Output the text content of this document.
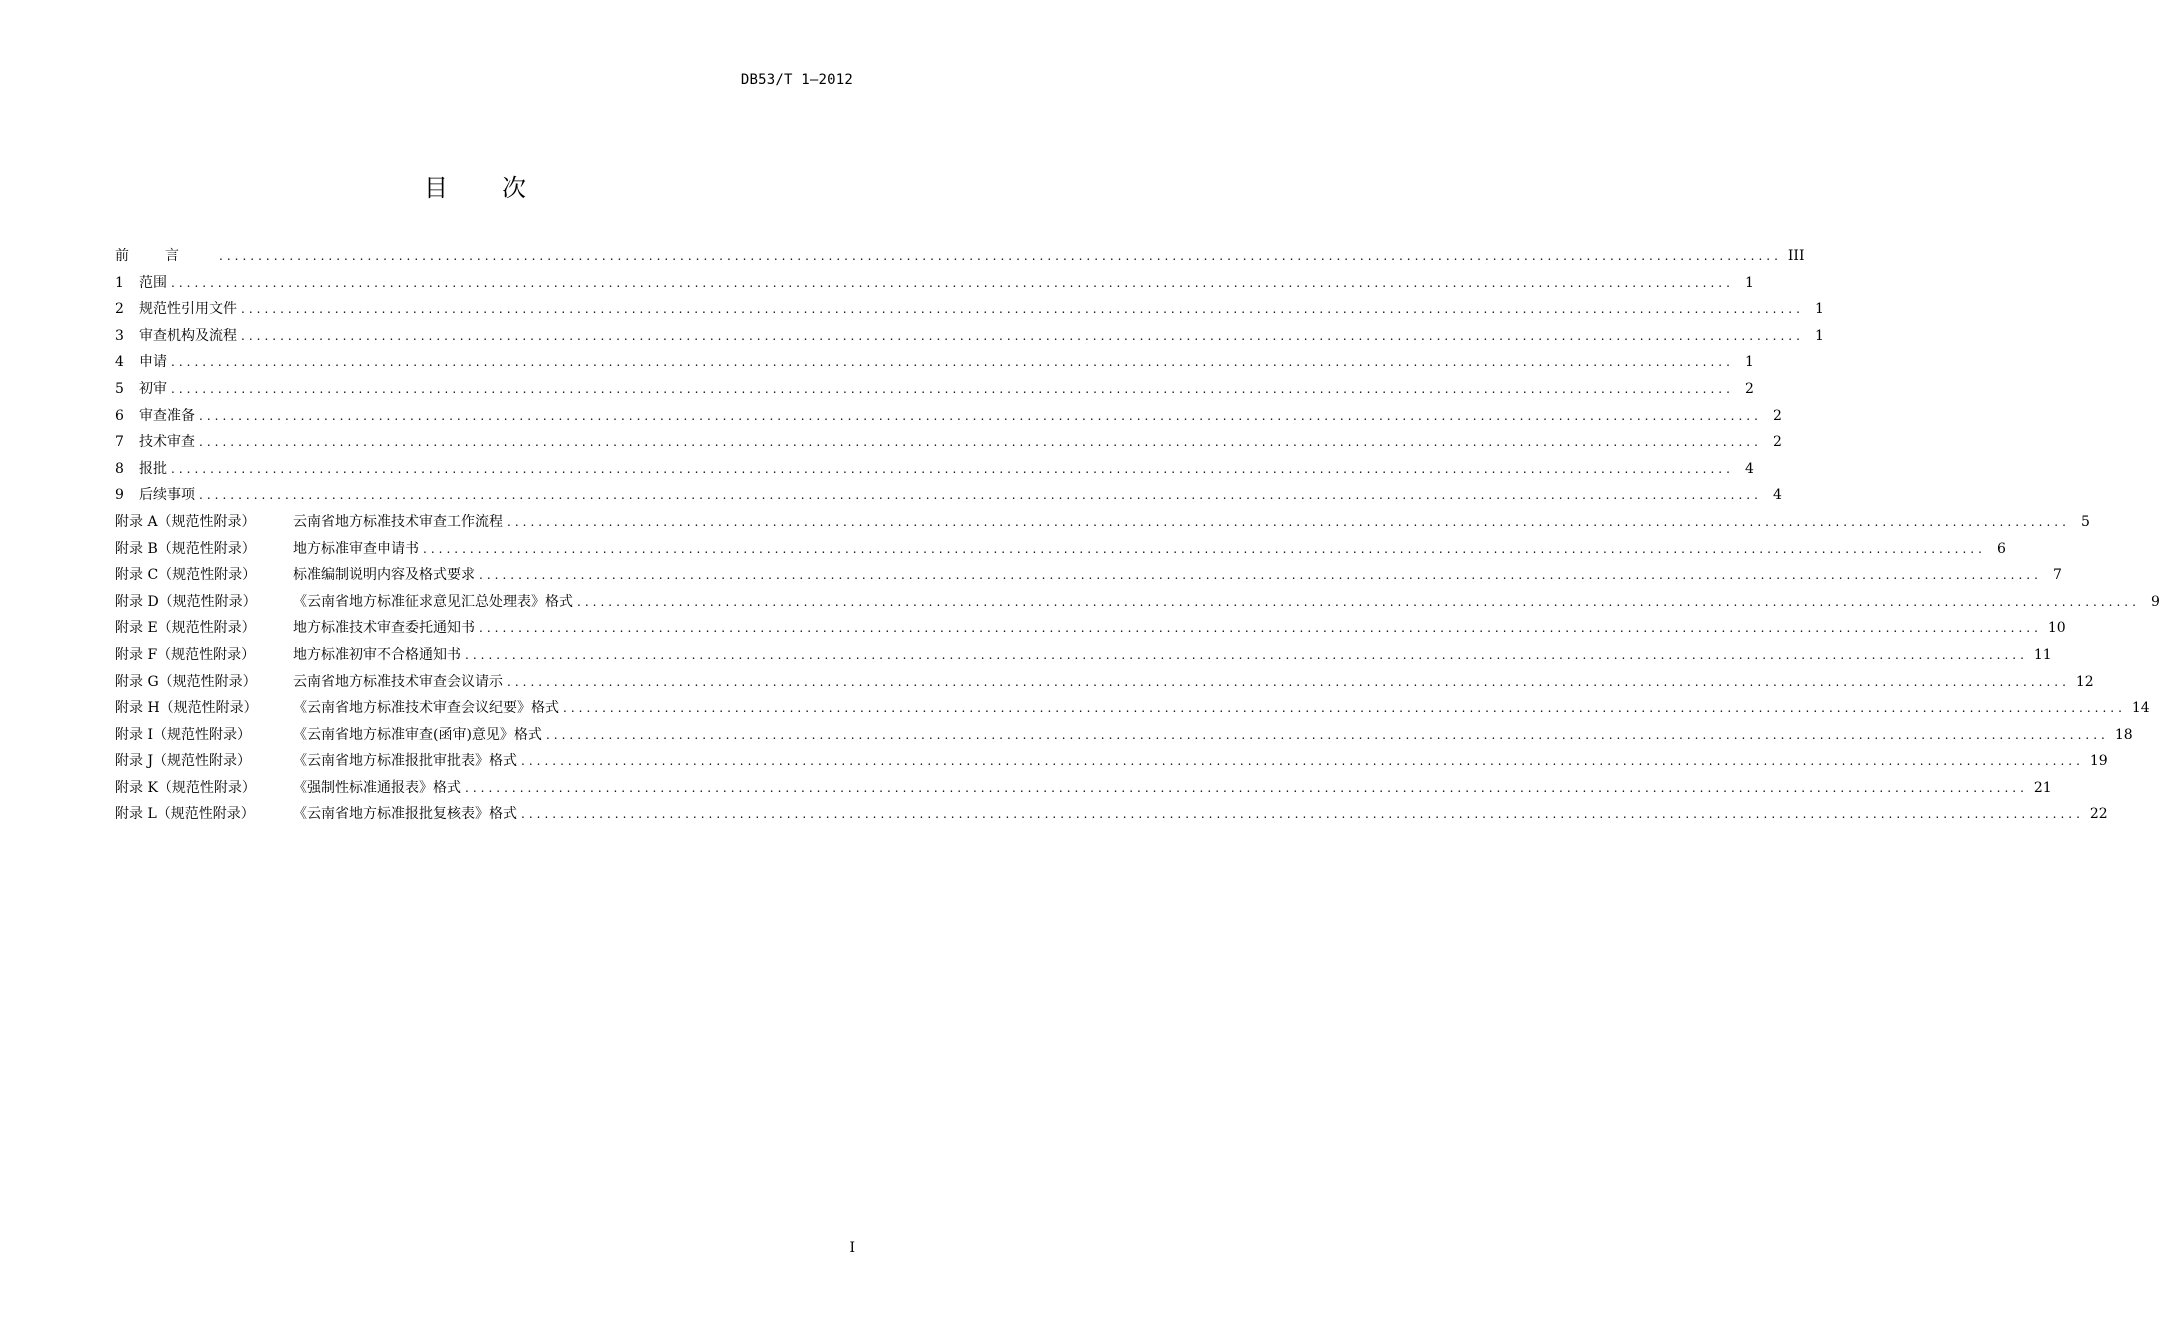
DB53/T 1—2012
目 次
前言 ........................................................................................................................................................................................................ III
1 范围 ........................................................................................................................................................................................................ 1
2 规范性引用文件 ........................................................................................................................................................................................................ 1
3 审查机构及流程 ........................................................................................................................................................................................................ 1
4 申请 ........................................................................................................................................................................................................ 1
5 初审 ........................................................................................................................................................................................................ 2
6 审查准备 ........................................................................................................................................................................................................ 2
7 技术审查 ........................................................................................................................................................................................................ 2
8 报批 ........................................................................................................................................................................................................ 4
9 后续事项 ........................................................................................................................................................................................................ 4
附录 A（规范性附录）	云南省地方标准技术审查工作流程 ........................................................................................................................................................................................................ 5
附录 B（规范性附录）	地方标准审查申请书 ........................................................................................................................................................................................................ 6
附录 C（规范性附录）	标准编制说明内容及格式要求 ........................................................................................................................................................................................................ 7
附录 D（规范性附录）	《云南省地方标准征求意见汇总处理表》格式 ........................................................................................................................................................................................................ 9
附录 E（规范性附录）	地方标准技术审查委托通知书 ........................................................................................................................................................................................................ 10
附录 F（规范性附录）	地方标准初审不合格通知书 ........................................................................................................................................................................................................ 11
附录 G（规范性附录）	云南省地方标准技术审查会议请示 ........................................................................................................................................................................................................ 12
附录 H（规范性附录）	《云南省地方标准技术审查会议纪要》格式 ........................................................................................................................................................................................................ 14
附录 I（规范性附录）	《云南省地方标准审查(函审)意见》格式 ........................................................................................................................................................................................................ 18
附录 J（规范性附录）	《云南省地方标准报批审批表》格式 ........................................................................................................................................................................................................ 19
附录 K（规范性附录）	《强制性标准通报表》格式 ........................................................................................................................................................................................................ 21
附录 L（规范性附录）	《云南省地方标准报批复核表》格式 ........................................................................................................................................................................................................ 22
I
